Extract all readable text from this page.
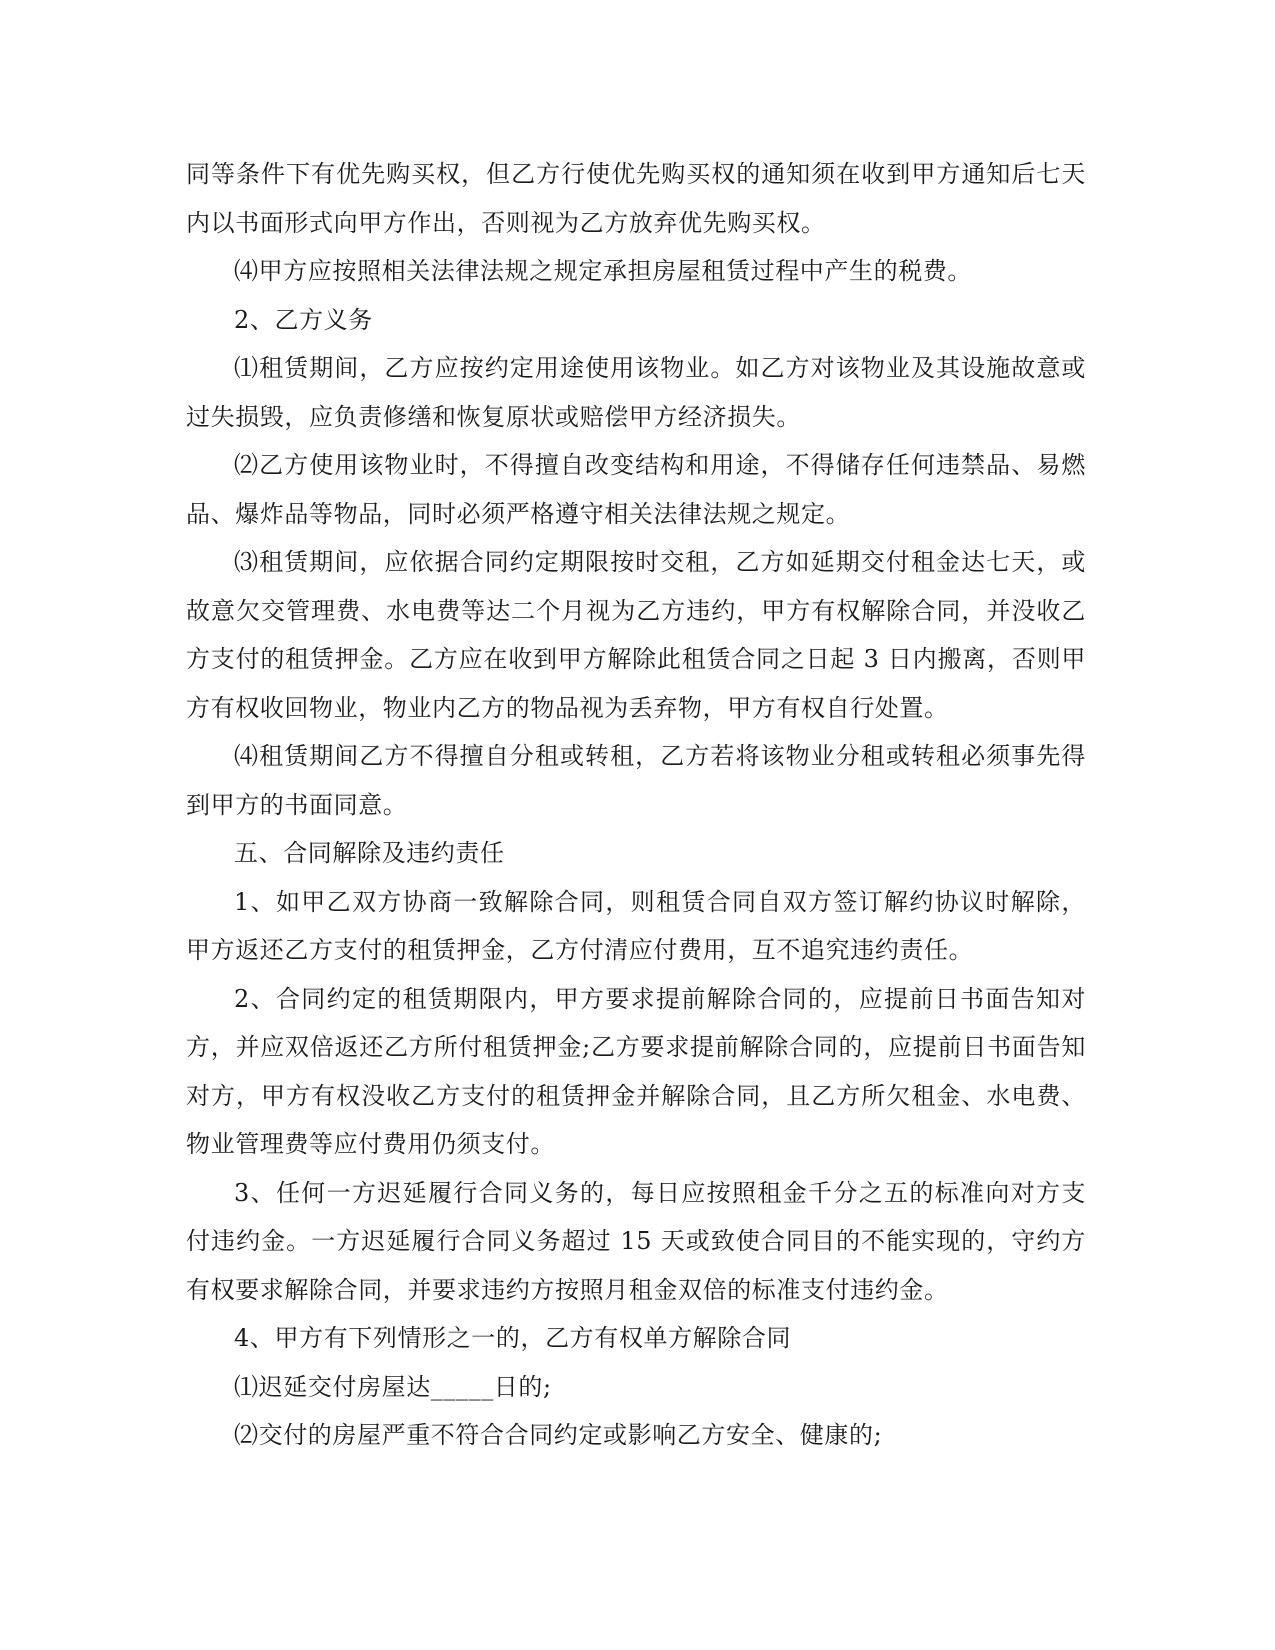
同等条件下有优先购买权，但乙方行使优先购买权的通知须在收到甲方通知后七天内以书面形式向甲方作出，否则视为乙方放弃优先购买权。

⑷甲方应按照相关法律法规之规定承担房屋租赁过程中产生的税费。

2、乙方义务

⑴租赁期间，乙方应按约定用途使用该物业。如乙方对该物业及其设施故意或过失损毁，应负责修缮和恢复原状或赔偿甲方经济损失。

⑵乙方使用该物业时，不得擅自改变结构和用途，不得储存任何违禁品、易燃品、爆炸品等物品，同时必须严格遵守相关法律法规之规定。

⑶租赁期间，应依据合同约定期限按时交租，乙方如延期交付租金达七天，或故意欠交管理费、水电费等达二个月视为乙方违约，甲方有权解除合同，并没收乙方支付的租赁押金。乙方应在收到甲方解除此租赁合同之日起 3 日内搬离，否则甲方有权收回物业，物业内乙方的物品视为丢弃物，甲方有权自行处置。

⑷租赁期间乙方不得擅自分租或转租，乙方若将该物业分租或转租必须事先得到甲方的书面同意。

五、合同解除及违约责任

1、如甲乙双方协商一致解除合同，则租赁合同自双方签订解约协议时解除，甲方返还乙方支付的租赁押金，乙方付清应付费用，互不追究违约责任。

2、合同约定的租赁期限内，甲方要求提前解除合同的，应提前日书面告知对方，并应双倍返还乙方所付租赁押金;乙方要求提前解除合同的，应提前日书面告知对方，甲方有权没收乙方支付的租赁押金并解除合同，且乙方所欠租金、水电费、物业管理费等应付费用仍须支付。

3、任何一方迟延履行合同义务的，每日应按照租金千分之五的标准向对方支付违约金。一方迟延履行合同义务超过 15 天或致使合同目的不能实现的，守约方有权要求解除合同，并要求违约方按照月租金双倍的标准支付违约金。

4、甲方有下列情形之一的，乙方有权单方解除合同

⑴迟延交付房屋达_____日的;

⑵交付的房屋严重不符合合同约定或影响乙方安全、健康的;
